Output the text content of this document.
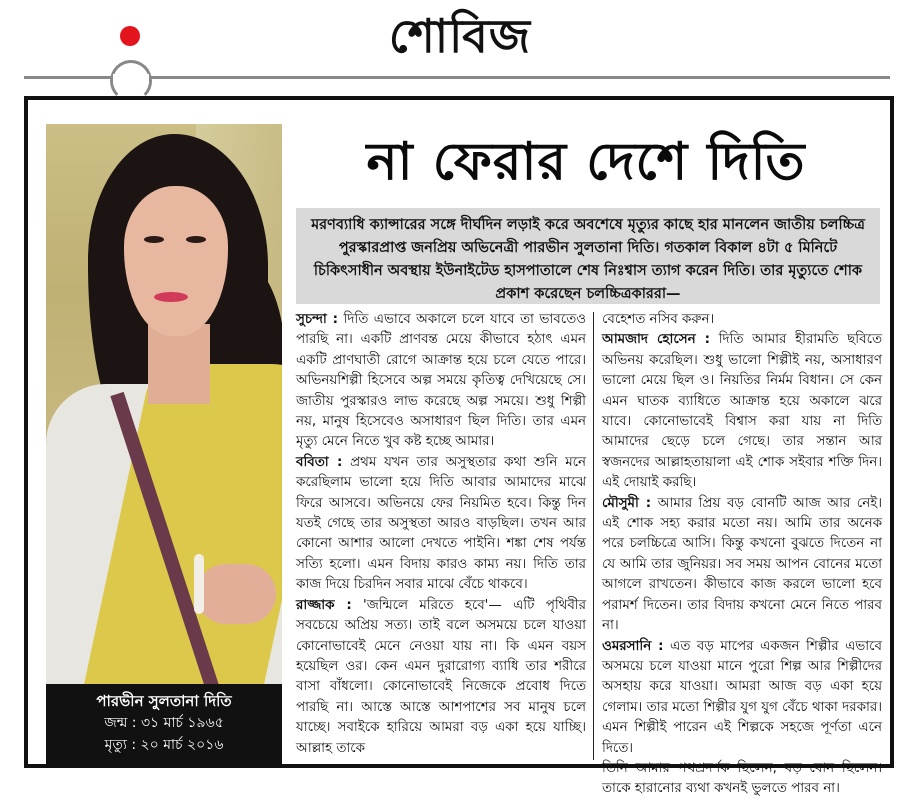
শোবিজ
পারভীন সুলতানা দিতি
জন্ম : ৩১ মার্চ ১৯৬৫
মৃত্যু : ২০ মার্চ ২০১৬
না ফেরার দেশে দিতি
মরণব্যাধি ক্যান্সারের সঙ্গে দীর্ঘদিন লড়াই করে অবশেষে মৃত্যুর কাছে হার মানলেন জাতীয় চলচ্চিত্র পুরস্কারপ্রাপ্ত জনপ্রিয় অভিনেত্রী পারভীন সুলতানা দিতি। গতকাল বিকাল ৪টা ৫ মিনিটে চিকিৎসাধীন অবস্থায় ইউনাইটেড হাসপাতালে শেষ নিঃশ্বাস ত্যাগ করেন দিতি। তার মৃত্যুতে শোক প্রকাশ করেছেন চলচ্চিত্রকাররা—

সুচন্দা : দিতি এভাবে অকালে চলে যাবে তা ভাবতেও পারছি না। একটি প্রাণবন্ত মেয়ে কীভাবে হঠাৎ এমন একটি প্রাণঘাতী রোগে আক্রান্ত হয়ে চলে যেতে পারে। অভিনয়শিল্পী হিসেবে অল্প সময়ে কৃতিত্ব দেখিয়েছে সে। জাতীয় পুরস্কারও লাভ করেছে অল্প সময়ে। শুধু শিল্পী নয়, মানুষ হিসেবেও অসাধারণ ছিল দিতি। তার এমন মৃত্যু মেনে নিতে খুব কষ্ট হচ্ছে আমার।

ববিতা : প্রথম যখন তার অসুস্থতার কথা শুনি মনে করেছিলাম ভালো হয়ে দিতি আবার আমাদের মাঝে ফিরে আসবে। অভিনয়ে ফের নিয়মিত হবে। কিন্তু দিন যতই গেছে তার অসুস্থতা আরও বাড়ছিল। তখন আর কোনো আশার আলো দেখতে পাইনি। শঙ্কা শেষ পর্যন্ত সত্যি হলো। এমন বিদায় কারও কাম্য নয়। দিতি তার কাজ দিয়ে চিরদিন সবার মাঝে বেঁচে থাকবে।

রাজ্জাক : 'জন্মিলে মরিতে হবে'— এটি পৃথিবীর সবচেয়ে অপ্রিয় সত্য। তাই বলে অসময়ে চলে যাওয়া কোনোভাবেই মেনে নেওয়া যায় না। কি এমন বয়স হয়েছিল ওর। কেন এমন দুরারোগ্য ব্যাধি তার শরীরে বাসা বাঁধলো। কোনোভাবেই নিজেকে প্রবোধ দিতে পারছি না। আস্তে আস্তে আশপাশের সব মানুষ চলে যাচ্ছে। সবাইকে হারিয়ে আমরা বড় একা হয়ে যাচ্ছি। আল্লাহ তাকে

বেহেশত নসিব করুন।

আমজাদ হোসেন : দিতি আমার হীরামতি ছবিতে অভিনয় করেছিল। শুধু ভালো শিল্পীই নয়, অসাধারণ ভালো মেয়ে ছিল ও। নিয়তির নির্মম বিধান। সে কেন এমন ঘাতক ব্যাধিতে আক্রান্ত হয়ে অকালে ঝরে যাবে। কোনোভাবেই বিশ্বাস করা যায় না দিতি আমাদের ছেড়ে চলে গেছে। তার সন্তান আর স্বজনদের আল্লাহতায়ালা এই শোক সইবার শক্তি দিন। এই দোয়াই করছি।

মৌসুমী : আমার প্রিয় বড় বোনটি আজ আর নেই। এই শোক সহ্য করার মতো নয়। আমি তার অনেক পরে চলচ্চিত্রে আসি। কিন্তু কখনো বুঝতে দিতেন না যে আমি তার জুনিয়র। সব সময় আপন বোনের মতো আগলে রাখতেন। কীভাবে কাজ করলে ভালো হবে পরামর্শ দিতেন। তার বিদায় কখনো মেনে নিতে পারব না।

ওমরসানি : এত বড় মাপের একজন শিল্পীর এভাবে অসময়ে চলে যাওয়া মানে পুরো শিল্প আর শিল্পীদের অসহায় করে যাওয়া। আমরা আজ বড় একা হয়ে গেলাম। তার মতো শিল্পীর যুগ যুগ বেঁচে থাকা দরকার। এমন শিল্পীই পারেন এই শিল্পকে সহজে পূর্ণতা এনে দিতে।

তিনি আমার পথপ্রদর্শক ছিলেন, বড় বোন ছিলেন। তাকে হারানোর ব্যথা কখনই ভুলতে পারব না।
